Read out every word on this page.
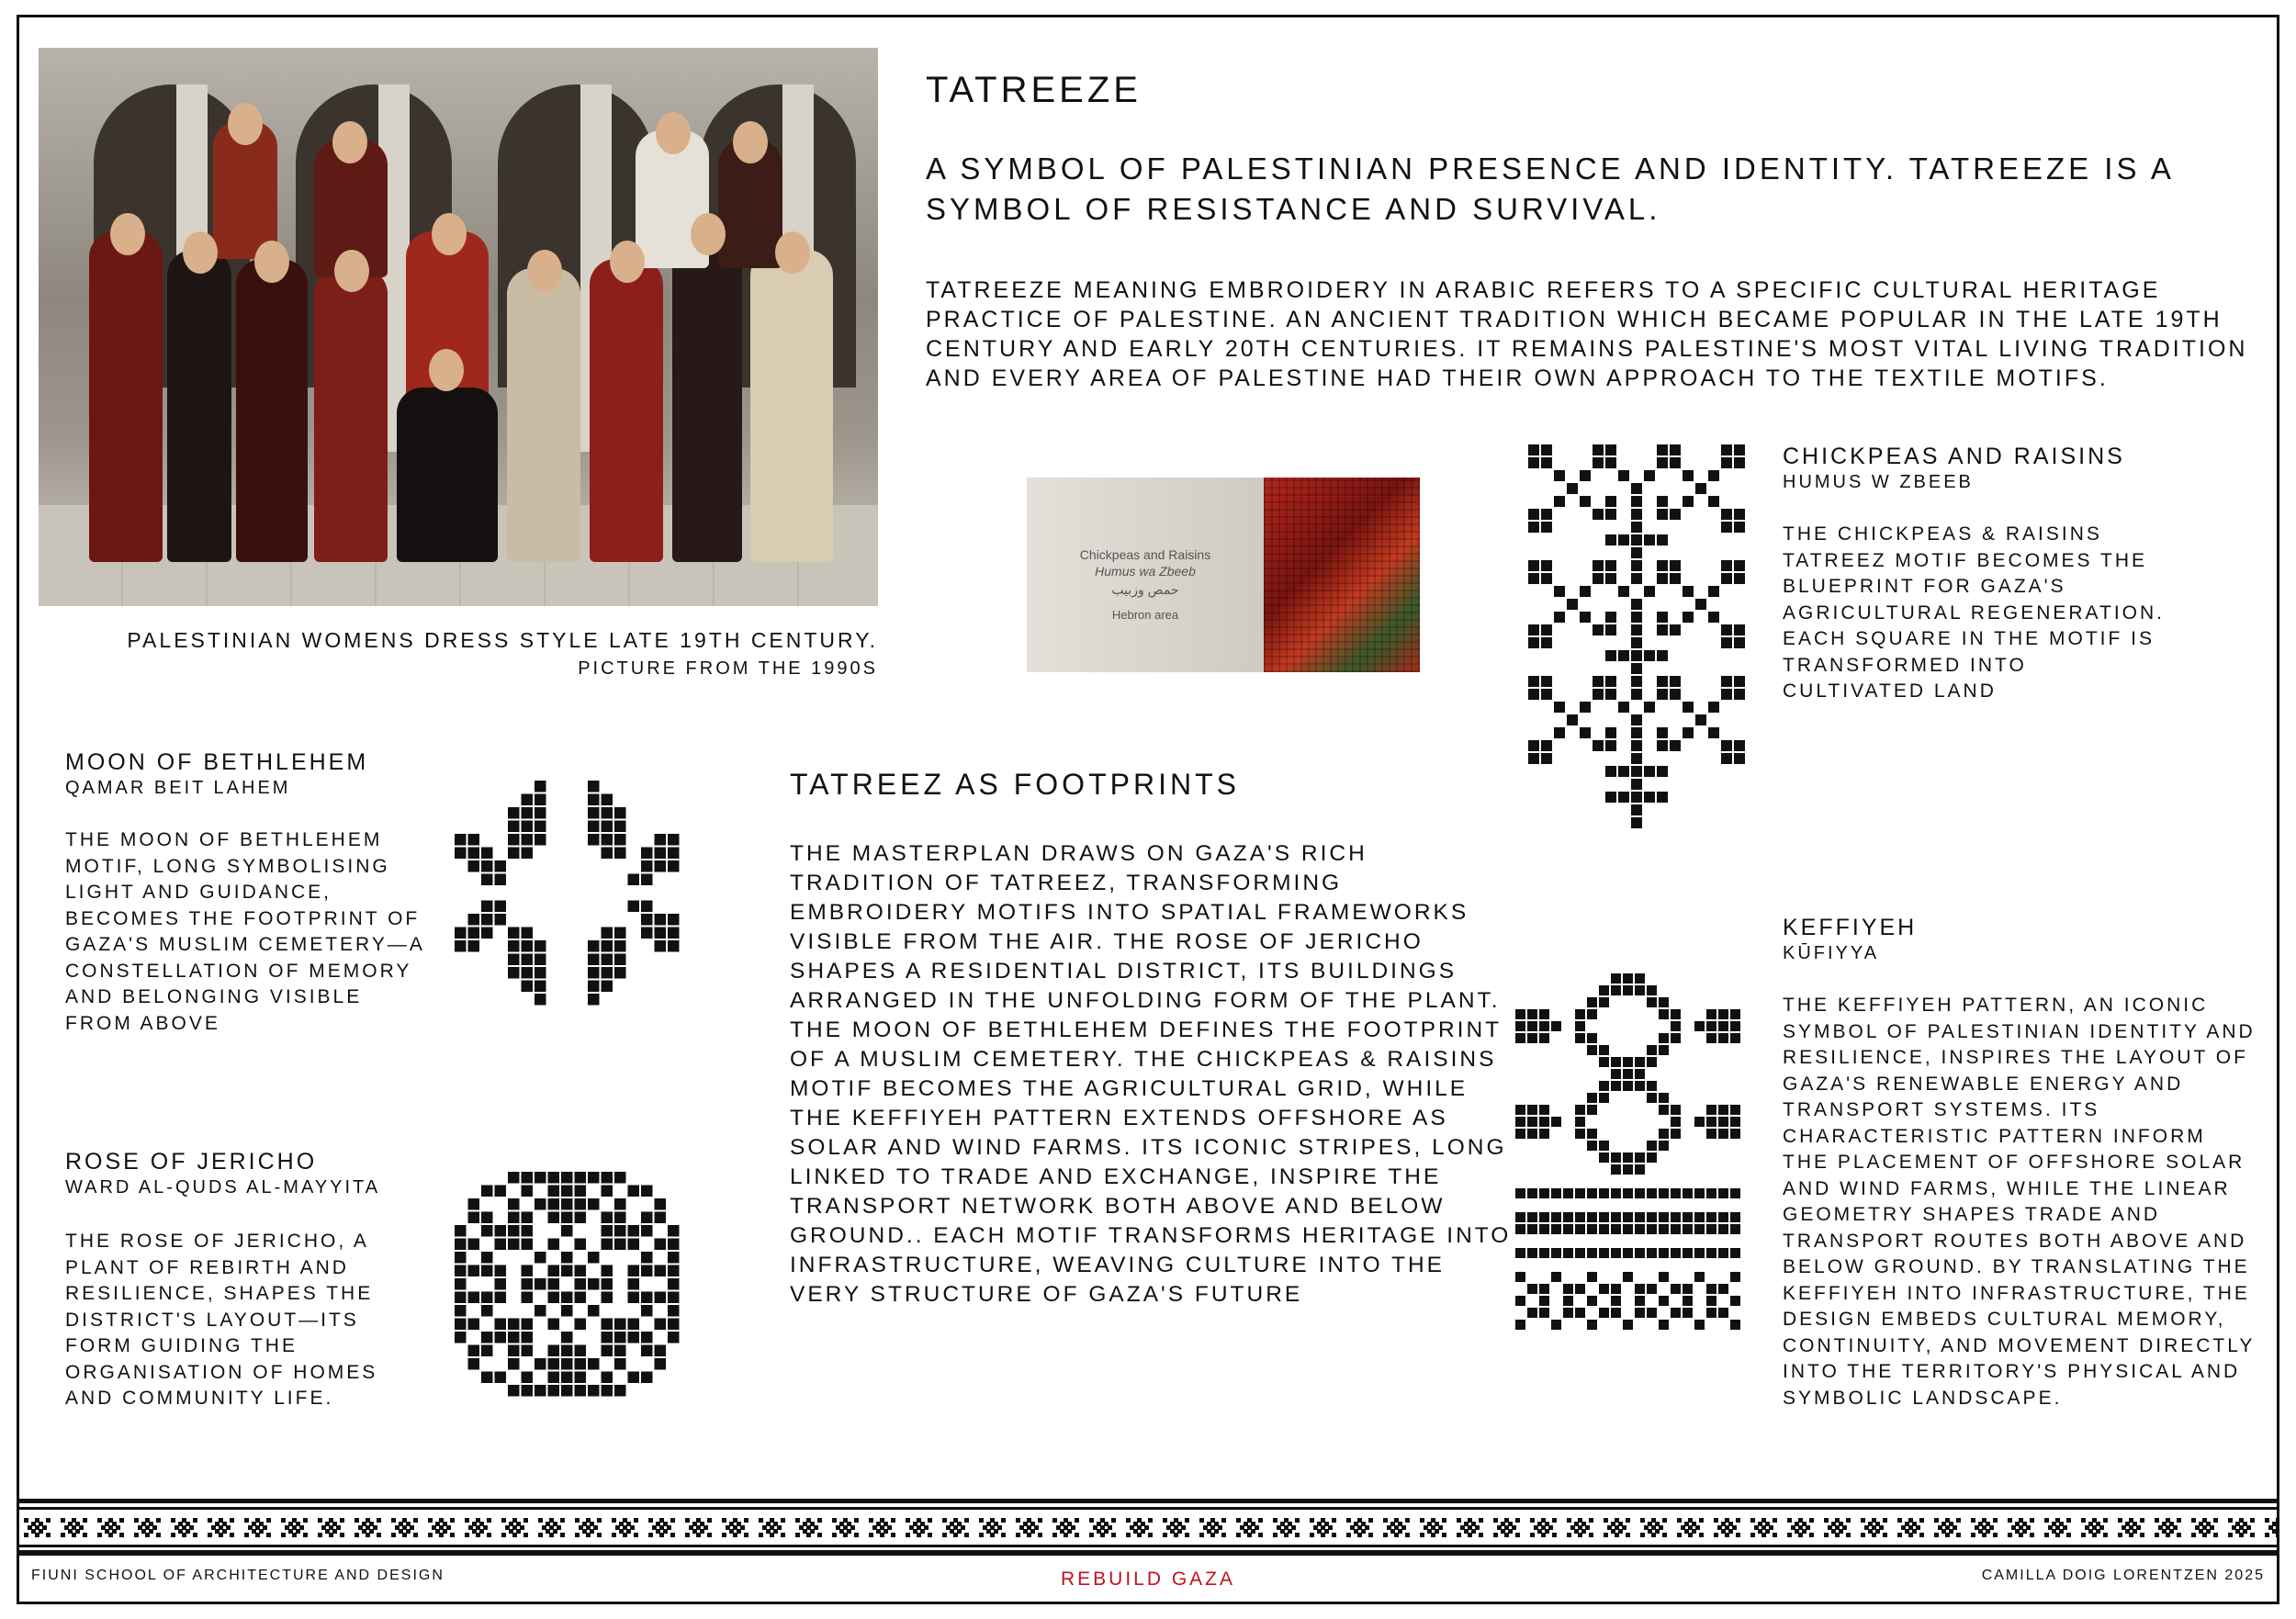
PALESTINIAN WOMENS DRESS STYLE LATE 19TH CENTURY.
PICTURE FROM THE 1990S
TATREEZE
A SYMBOL OF PALESTINIAN PRESENCE AND IDENTITY. TATREEZE IS A SYMBOL OF RESISTANCE AND SURVIVAL.
TATREEZE MEANING EMBROIDERY IN ARABIC REFERS TO A SPECIFIC CULTURAL HERITAGE PRACTICE OF PALESTINE. AN ANCIENT TRADITION WHICH BECAME POPULAR IN THE LATE 19TH CENTURY AND EARLY 20TH CENTURIES. IT REMAINS PALESTINE'S MOST VITAL LIVING TRADITION AND EVERY AREA OF PALESTINE HAD THEIR OWN APPROACH TO THE TEXTILE MOTIFS.
Chickpeas and Raisins
Humus wa Zbeeb
حمص وزبيب
Hebron area
MOON OF BETHLEHEM
QAMAR BEIT LAHEM
THE MOON OF BETHLEHEM MOTIF, LONG SYMBOLISING LIGHT AND GUIDANCE, BECOMES THE FOOTPRINT OF GAZA'S MUSLIM CEMETERY—A CONSTELLATION OF MEMORY AND BELONGING VISIBLE FROM ABOVE
ROSE OF JERICHO
WARD AL-QUDS AL-MAYYITA
THE ROSE OF JERICHO, A PLANT OF REBIRTH AND RESILIENCE, SHAPES THE DISTRICT'S LAYOUT—ITS FORM GUIDING THE ORGANISATION OF HOMES AND COMMUNITY LIFE.
TATREEZ AS FOOTPRINTS
THE MASTERPLAN DRAWS ON GAZA'S RICH TRADITION OF TATREEZ, TRANSFORMING EMBROIDERY MOTIFS INTO SPATIAL FRAMEWORKS VISIBLE FROM THE AIR. THE ROSE OF JERICHO SHAPES A RESIDENTIAL DISTRICT, ITS BUILDINGS ARRANGED IN THE UNFOLDING FORM OF THE PLANT. THE MOON OF BETHLEHEM DEFINES THE FOOTPRINT OF A MUSLIM CEMETERY. THE CHICKPEAS & RAISINS MOTIF BECOMES THE AGRICULTURAL GRID, WHILE THE KEFFIYEH PATTERN EXTENDS OFFSHORE AS SOLAR AND WIND FARMS. ITS ICONIC STRIPES, LONG LINKED TO TRADE AND EXCHANGE, INSPIRE THE TRANSPORT NETWORK BOTH ABOVE AND BELOW GROUND.. EACH MOTIF TRANSFORMS HERITAGE INTO INFRASTRUCTURE, WEAVING CULTURE INTO THE VERY STRUCTURE OF GAZA'S FUTURE
CHICKPEAS AND RAISINS
HUMUS W ZBEEB
THE CHICKPEAS & RAISINS TATREEZ MOTIF BECOMES THE BLUEPRINT FOR GAZA'S AGRICULTURAL REGENERATION. EACH SQUARE IN THE MOTIF IS TRANSFORMED INTO CULTIVATED LAND
KEFFIYEH
KŪFIYYA
THE KEFFIYEH PATTERN, AN ICONIC SYMBOL OF PALESTINIAN IDENTITY AND RESILIENCE, INSPIRES THE LAYOUT OF GAZA'S RENEWABLE ENERGY AND TRANSPORT SYSTEMS. ITS CHARACTERISTIC PATTERN INFORM THE PLACEMENT OF OFFSHORE SOLAR AND WIND FARMS, WHILE THE LINEAR GEOMETRY SHAPES TRADE AND TRANSPORT ROUTES BOTH ABOVE AND BELOW GROUND. BY TRANSLATING THE KEFFIYEH INTO INFRASTRUCTURE, THE DESIGN EMBEDS CULTURAL MEMORY, CONTINUITY, AND MOVEMENT DIRECTLY INTO THE TERRITORY'S PHYSICAL AND SYMBOLIC LANDSCAPE.
FIUNI SCHOOL OF ARCHITECTURE AND DESIGN	REBUILD GAZA	CAMILLA DOIG LORENTZEN 2025
